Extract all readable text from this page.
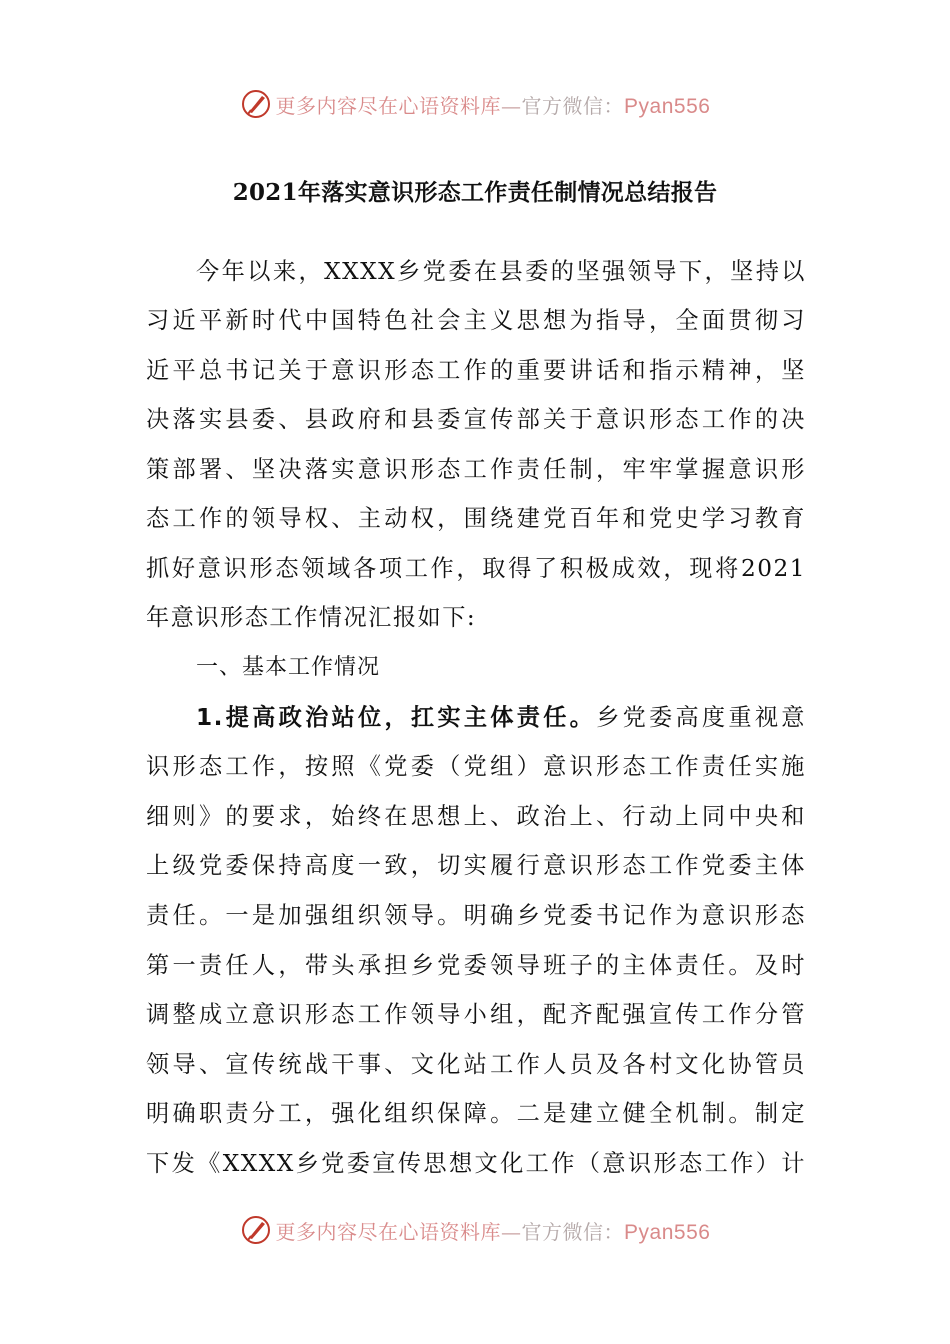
更多内容尽在心语资料库—官方微信：Pyan556
2021年落实意识形态工作责任制情况总结报告
今年以来，XXXX乡党委在县委的坚强领导下，坚持以
习近平新时代中国特色社会主义思想为指导，全面贯彻习
近平总书记关于意识形态工作的重要讲话和指示精神，坚
决落实县委、县政府和县委宣传部关于意识形态工作的决
策部署、坚决落实意识形态工作责任制，牢牢掌握意识形
态工作的领导权、主动权，围绕建党百年和党史学习教育
抓好意识形态领域各项工作，取得了积极成效，现将2021
年意识形态工作情况汇报如下:
一、基本工作情况
1.提高政治站位，扛实主体责任。乡党委高度重视意
识形态工作，按照《党委（党组）意识形态工作责任实施
细则》的要求，始终在思想上、政治上、行动上同中央和
上级党委保持高度一致，切实履行意识形态工作党委主体
责任。一是加强组织领导。明确乡党委书记作为意识形态
第一责任人，带头承担乡党委领导班子的主体责任。及时
调整成立意识形态工作领导小组，配齐配强宣传工作分管
领导、宣传统战干事、文化站工作人员及各村文化协管员
明确职责分工，强化组织保障。二是建立健全机制。制定
下发《XXXX乡党委宣传思想文化工作（意识形态工作）计
更多内容尽在心语资料库—官方微信：Pyan556
